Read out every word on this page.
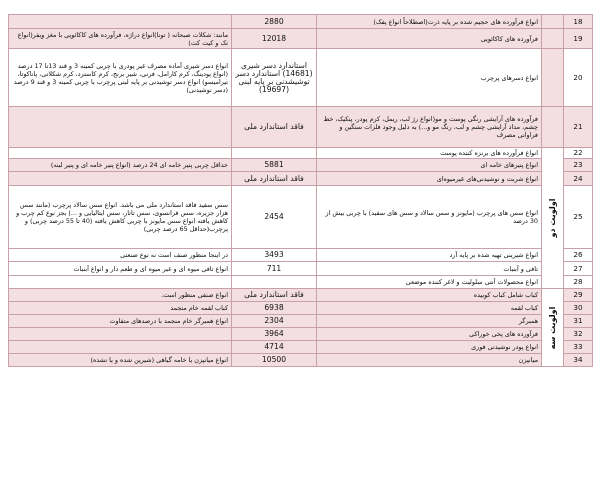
18		انواع فرآورده های حجیم شده بر پایه ذرت(اصطلاحاً انواع پفک)	2880	
19		فرآورده های کاکائویی	12018	مانند: شکلات صبحانه ( تونا)انواع دراژه، فرآورده های کاکائویی با مغز ویفر(انواع تک و کیت کت)
20		انواع دسرهای پرچرب	استاندارد دسر شیری (14681) استاندارد دسر توشیشدنی بر پایه لبنی (19697)	انواع دسر شیری آماده مصرف غیر پودری با چربی کمینه 3 و قند 13تا 17 درصد (انواع پودینگ، کرم کارامل، فرنی، شیر برنج، کرم کاسترد، کرم شکلاتی، پاناکوتا، تیرامیسو) انواع دسر توشیدنی بر پایه لبنی پرچرب با چربی کمینه 3 و قند 9 درصد (دسر نوشیدنی)
21		فرآورده های آرایشی رنگی پوست و مو(انواع رژ لب، ریمل، کرم پودر، پنکیک، خط چشم، مداد آرایشی چشم و لب، رنگ مو و...) به دلیل وجود فلزات سنگین و فراوانی مصرف	فاقد استاندارد ملی	
22	اولویت دو	انواع فرآورده های برنزه کننده پوست		
23		انواع پنیرهای خامه ای	5881	حداقل چربی پنیر خامه ای 24 درصد (انواع پنیر خامه ای و پنیر لبنه)
24		انواع شربت و نوشیدنی‌های غیرمیوه‌ای	فاقد استاندارد ملی	
25		انواع سس های پرچرب (مایونز و سس سالاد و سس های سفید) با چربی بیش از 30 درصد	2454	سس سفید فاقد استاندارد ملی می باشد. انواع سس سالاد پرچرب (مانند سس هزار جزیره، سس فرانسوی، سس تاتار، سس ایتالیایی و ...) بجز نوع کم چرب و کاهش یافته انواع سس مایونز با چربی کاهش یافته (40 تا 55 درصد چربی) و پرچرب(حداقل 65 درصد چربی)
26		انواع شیرینی تهیه شده بر پایه آرد	3493	در اینجا منظور صنف است نه نوع صنعتی
27		تافی و آبنبات	711	انواع تافی میوه ای و غیر میوه ای و طعم دار و انواع آبنبات
28		انواع محصولات آنتی سلولیت و لاغر کننده موضعی		
29	اولویت سه	کباب شامل کباب کوبیده	فاقد استاندارد ملی	انواع صنفی منظور است.
30		کباب لقمه	6938	کباب لقمه خام منجمد
31		همبرگر	2304	انواع همبرگر خام منجمد با درصدهای متفاوت
32		فرآورده های پخی خوراکی	3964	
33		انواع پودر نوشیدنی فوری	4714	
34		میانپزن	10500	انواع میانپزن یا خامه گیاهی (شیرین شده و یا نشده)
